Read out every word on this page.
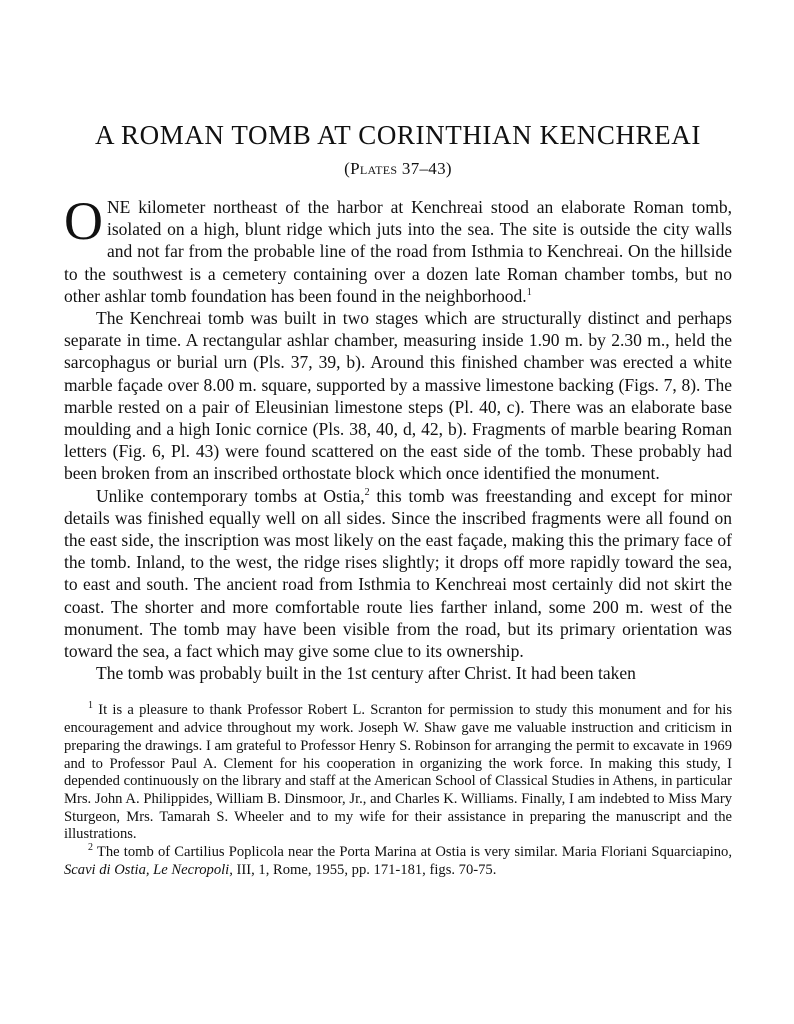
A ROMAN TOMB AT CORINTHIAN KENCHREAI
(Plates 37–43)

ONE kilometer northeast of the harbor at Kenchreai stood an elaborate Roman tomb, isolated on a high, blunt ridge which juts into the sea. The site is outside the city walls and not far from the probable line of the road from Isthmia to Kenchreai. On the hillside to the southwest is a cemetery containing over a dozen late Roman chamber tombs, but no other ashlar tomb foundation has been found in the neighborhood.$^1$

The Kenchreai tomb was built in two stages which are structurally distinct and perhaps separate in time. A rectangular ashlar chamber, measuring inside 1.90 m. by 2.30 m., held the sarcophagus or burial urn (Pls. 37, 39, b). Around this finished chamber was erected a white marble façade over 8.00 m. square, supported by a massive limestone backing (Figs. 7, 8). The marble rested on a pair of Eleusinian limestone steps (Pl. 40, c). There was an elaborate base moulding and a high Ionic cornice (Pls. 38, 40, d, 42, b). Fragments of marble bearing Roman letters (Fig. 6, Pl. 43) were found scattered on the east side of the tomb. These probably had been broken from an inscribed orthostate block which once identified the monument.

Unlike contemporary tombs at Ostia,$^2$ this tomb was freestanding and except for minor details was finished equally well on all sides. Since the inscribed fragments were all found on the east side, the inscription was most likely on the east façade, making this the primary face of the tomb. Inland, to the west, the ridge rises slightly; it drops off more rapidly toward the sea, to east and south. The ancient road from Isthmia to Kenchreai most certainly did not skirt the coast. The shorter and more comfortable route lies farther inland, some 200 m. west of the monument. The tomb may have been visible from the road, but its primary orientation was toward the sea, a fact which may give some clue to its ownership.

The tomb was probably built in the 1st century after Christ. It had been taken

$^1$ It is a pleasure to thank Professor Robert L. Scranton for permission to study this monument and for his encouragement and advice throughout my work. Joseph W. Shaw gave me valuable instruction and criticism in preparing the drawings. I am grateful to Professor Henry S. Robinson for arranging the permit to excavate in 1969 and to Professor Paul A. Clement for his cooperation in organizing the work force. In making this study, I depended continuously on the library and staff at the American School of Classical Studies in Athens, in particular Mrs. John A. Philippides, William B. Dinsmoor, Jr., and Charles K. Williams. Finally, I am indebted to Miss Mary Sturgeon, Mrs. Tamarah S. Wheeler and to my wife for their assistance in preparing the manuscript and the illustrations.

$^2$ The tomb of Cartilius Poplicola near the Porta Marina at Ostia is very similar. Maria Floriani Squarciapino, Scavi di Ostia, Le Necropoli, III, 1, Rome, 1955, pp. 171-181, figs. 70-75.
